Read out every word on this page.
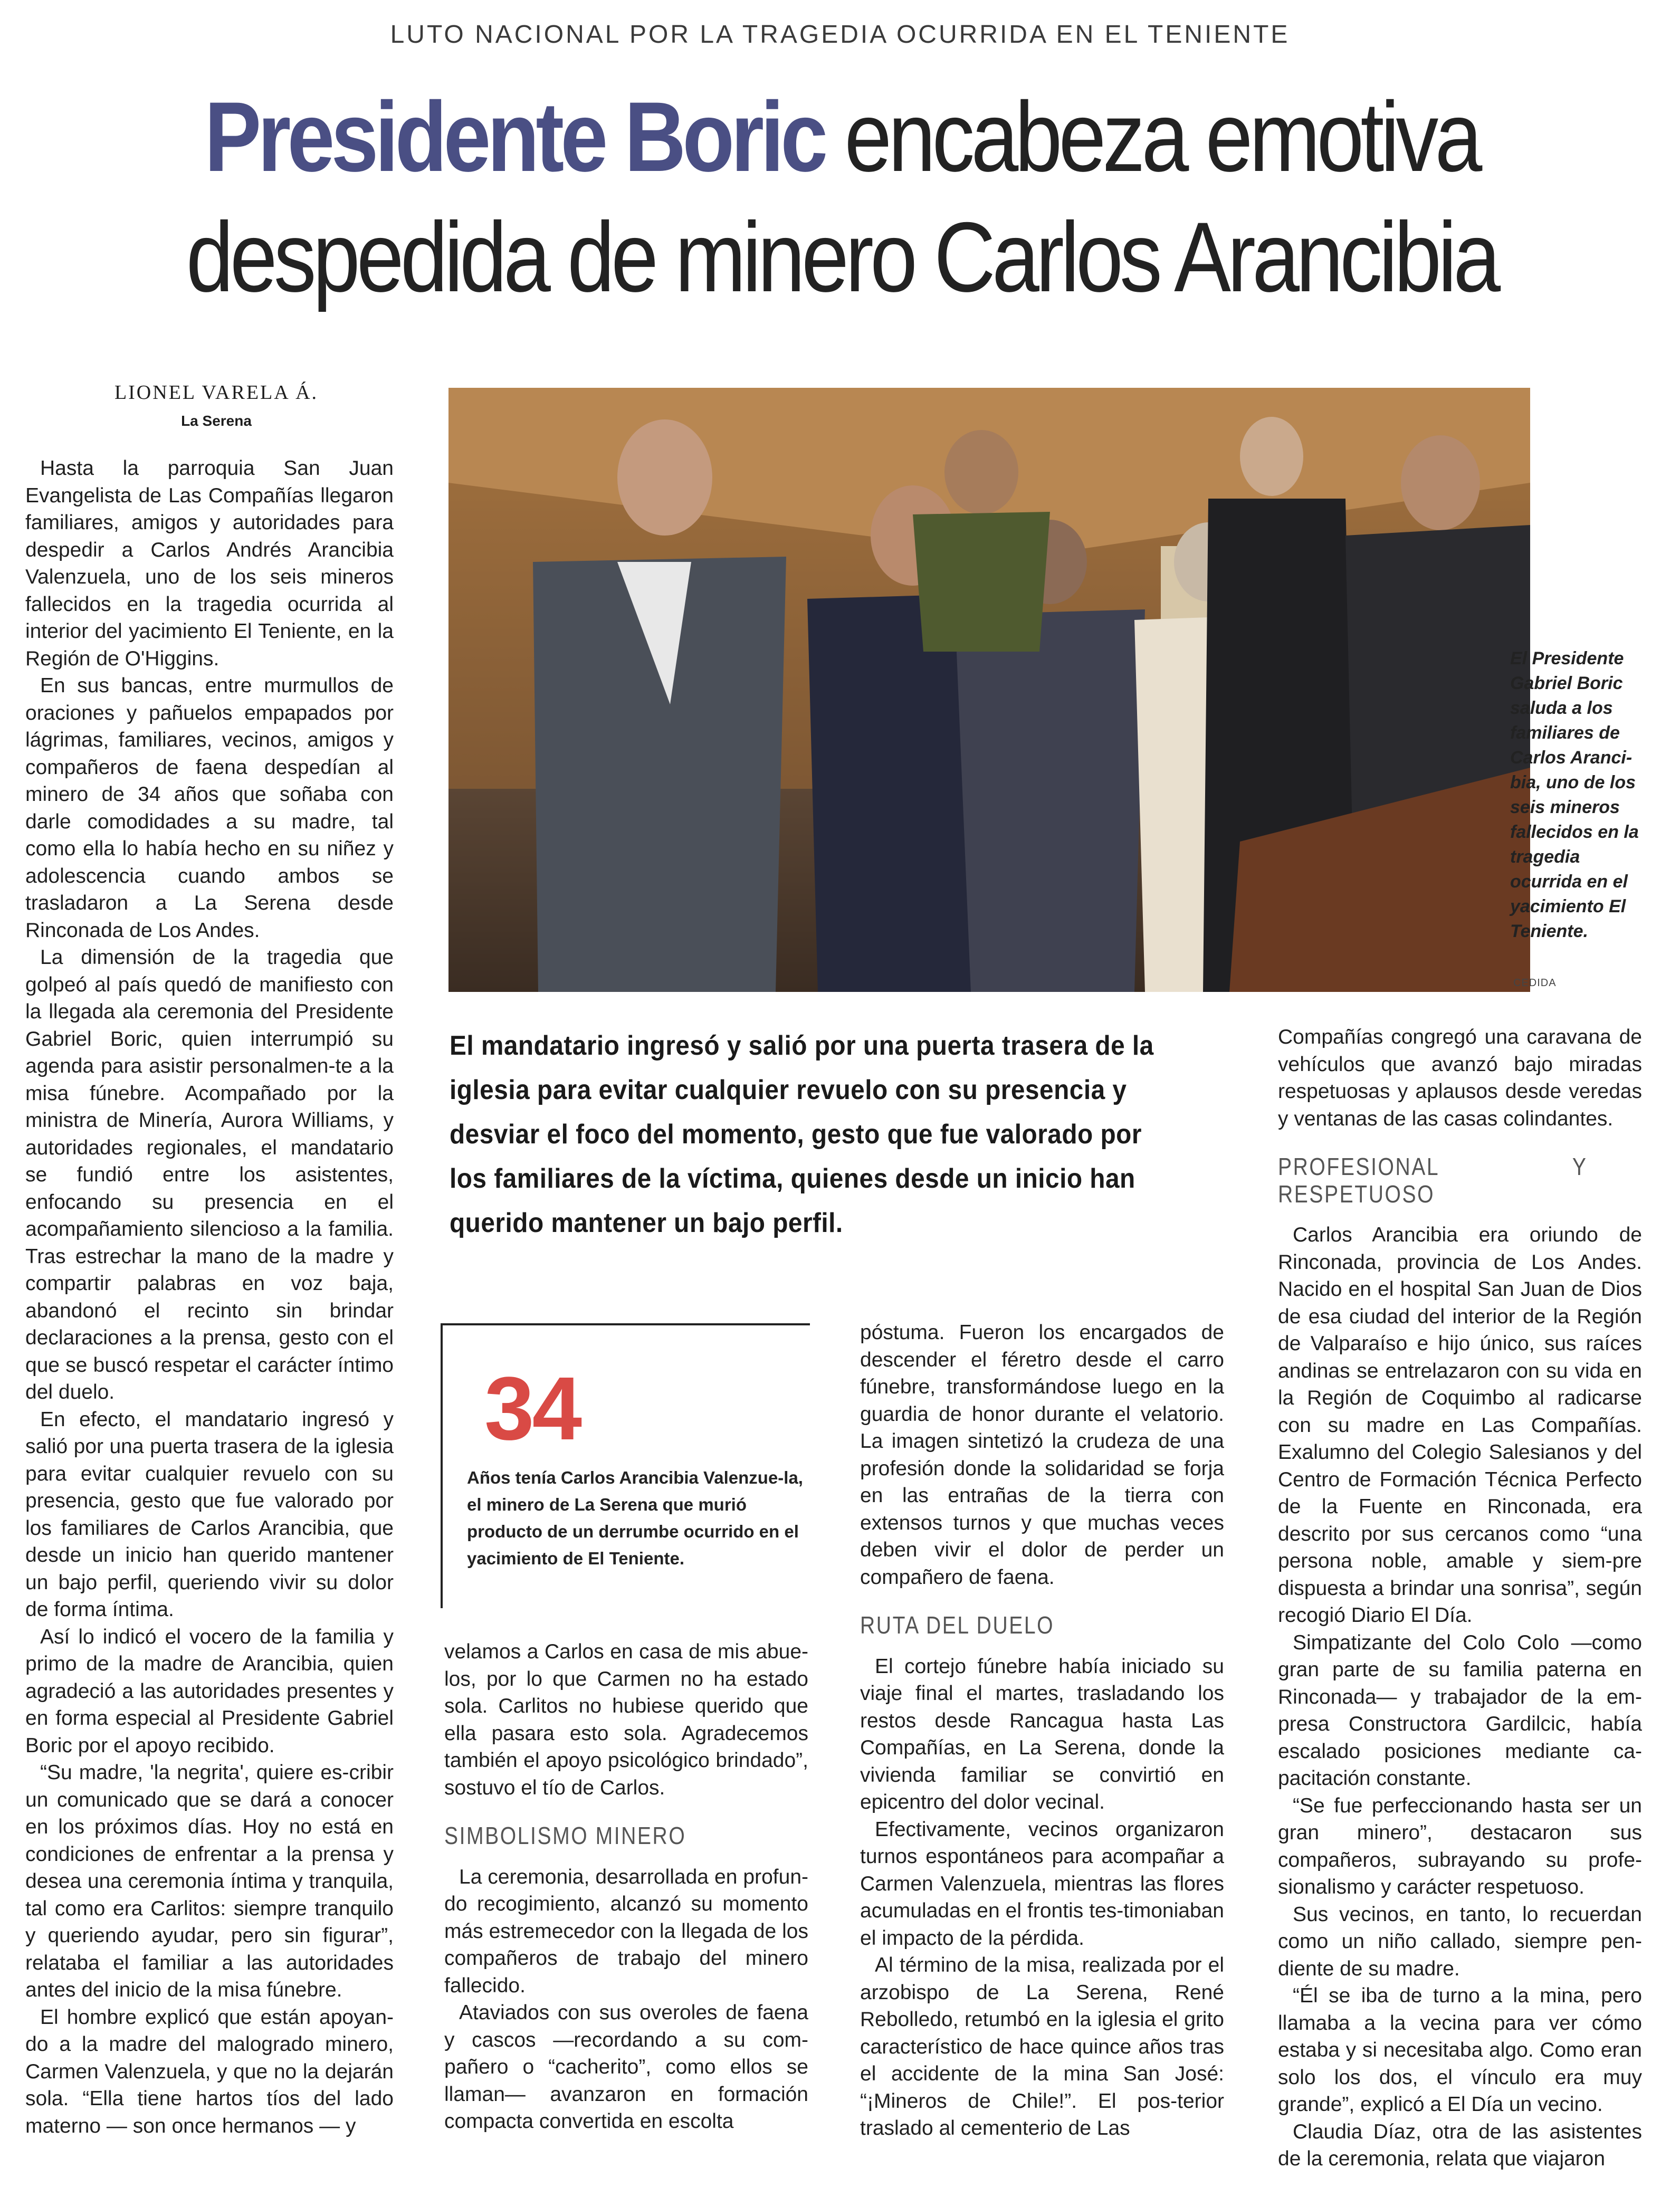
LUTO NACIONAL POR LA TRAGEDIA OCURRIDA EN EL TENIENTE
Presidente Boric encabeza emotiva
despedida de minero Carlos Arancibia
LIONEL VARELA Á.
La Serena

Hasta la parroquia San Juan Evangelista de Las Compañías llegaron familiares, amigos y autoridades para despedir a Carlos Andrés Arancibia Valenzuela, uno de los seis mineros fallecidos en la tragedia ocurrida al interior del yacimiento El Teniente, en la Región de O'Higgins.

En sus bancas, entre murmullos de oraciones y pañuelos empapados por lágrimas, familiares, vecinos, amigos y compañeros de faena despedían al minero de 34 años que soñaba con darle comodidades a su madre, tal como ella lo había hecho en su niñez y adolescencia cuando ambos se trasladaron a La Serena desde Rinconada de Los Andes.

La dimensión de la tragedia que golpeó al país quedó de manifiesto con la llegada ala ceremonia del Presidente Gabriel Boric, quien interrumpió su agenda para asistir personalmen-te a la misa fúnebre. Acompañado por la ministra de Minería, Aurora Williams, y autoridades regionales, el mandatario se fundió entre los asistentes, enfocando su presencia en el acompañamiento silencioso a la familia. Tras estrechar la mano de la madre y compartir palabras en voz baja, abandonó el recinto sin brindar declaraciones a la prensa, gesto con el que se buscó respetar el carácter íntimo del duelo.

En efecto, el mandatario ingresó y salió por una puerta trasera de la iglesia para evitar cualquier revuelo con su presencia, gesto que fue valorado por los familiares de Carlos Arancibia, que desde un inicio han querido mantener un bajo perfil, queriendo vivir su dolor de forma íntima.

Así lo indicó el vocero de la familia y primo de la madre de Arancibia, quien agradeció a las autoridades presentes y en forma especial al Presidente Gabriel Boric por el apoyo recibido.

“Su madre, 'la negrita', quiere es-cribir un comunicado que se dará a conocer en los próximos días. Hoy no está en condiciones de enfrentar a la prensa y desea una ceremonia íntima y tranquila, tal como era Carlitos: siempre tranquilo y queriendo ayudar, pero sin figurar”, relataba el familiar a las autoridades antes del inicio de la misa fúnebre.

El hombre explicó que están apoyan-do a la madre del malogrado minero, Carmen Valenzuela, y que no la dejarán sola. “Ella tiene hartos tíos del lado materno — son once hermanos — y

El Presidente Gabriel Boric saluda a los familiares de Carlos Aranci-bia, uno de los seis mineros fallecidos en la tragedia ocurrida en el yacimiento El Teniente.
CEDIDA
El mandatario ingresó y salió por una puerta trasera de la iglesia para evitar cualquier revuelo con su presencia y desviar el foco del momento, gesto que fue valorado por los familiares de la víctima, quienes desde un inicio han querido mantener un bajo perfil.
34
Años tenía Carlos Arancibia Valenzue-la, el minero de La Serena que murió producto de un derrumbe ocurrido en el yacimiento de El Teniente.

velamos a Carlos en casa de mis abue-los, por lo que Carmen no ha estado sola. Carlitos no hubiese querido que ella pasara esto sola. Agradecemos también el apoyo psicológico brindado”, sostuvo el tío de Carlos.

SIMBOLISMO MINERO

La ceremonia, desarrollada en profun-do recogimiento, alcanzó su momento más estremecedor con la llegada de los compañeros de trabajo del minero fallecido.

Ataviados con sus overoles de faena y cascos —recordando a su com-pañero o “cacherito”, como ellos se llaman— avanzaron en formación compacta convertida en escolta

póstuma. Fueron los encargados de descender el féretro desde el carro fúnebre, transformándose luego en la guardia de honor durante el velatorio. La imagen sintetizó la crudeza de una profesión donde la solidaridad se forja en las entrañas de la tierra con extensos turnos y que muchas veces deben vivir el dolor de perder un compañero de faena.

RUTA DEL DUELO

El cortejo fúnebre había iniciado su viaje final el martes, trasladando los restos desde Rancagua hasta Las Compañías, en La Serena, donde la vivienda familiar se convirtió en epicentro del dolor vecinal.

Efectivamente, vecinos organizaron turnos espontáneos para acompañar a Carmen Valenzuela, mientras las flores acumuladas en el frontis tes-timoniaban el impacto de la pérdida.

Al término de la misa, realizada por el arzobispo de La Serena, René Rebolledo, retumbó en la iglesia el grito característico de hace quince años tras el accidente de la mina San José: “¡Mineros de Chile!”. El pos-terior traslado al cementerio de Las

Compañías congregó una caravana de vehículos que avanzó bajo miradas respetuosas y aplausos desde veredas y ventanas de las casas colindantes.

PROFESIONAL Y RESPETUOSO

Carlos Arancibia era oriundo de Rinconada, provincia de Los Andes. Nacido en el hospital San Juan de Dios de esa ciudad del interior de la Región de Valparaíso e hijo único, sus raíces andinas se entrelazaron con su vida en la Región de Coquimbo al radicarse con su madre en Las Compañías. Exalumno del Colegio Salesianos y del Centro de Formación Técnica Perfecto de la Fuente en Rinconada, era descrito por sus cercanos como “una persona noble, amable y siem-pre dispuesta a brindar una sonrisa”, según recogió Diario El Día.

Simpatizante del Colo Colo —como gran parte de su familia paterna en Rinconada— y trabajador de la em-presa Constructora Gardilcic, había escalado posiciones mediante ca-pacitación constante.

“Se fue perfeccionando hasta ser un gran minero”, destacaron sus compañeros, subrayando su profe-sionalismo y carácter respetuoso.

Sus vecinos, en tanto, lo recuerdan como un niño callado, siempre pen-diente de su madre.

“Él se iba de turno a la mina, pero llamaba a la vecina para ver cómo estaba y si necesitaba algo. Como eran solo los dos, el vínculo era muy grande”, explicó a El Día un vecino.

Claudia Díaz, otra de las asistentes de la ceremonia, relata que viajaron
